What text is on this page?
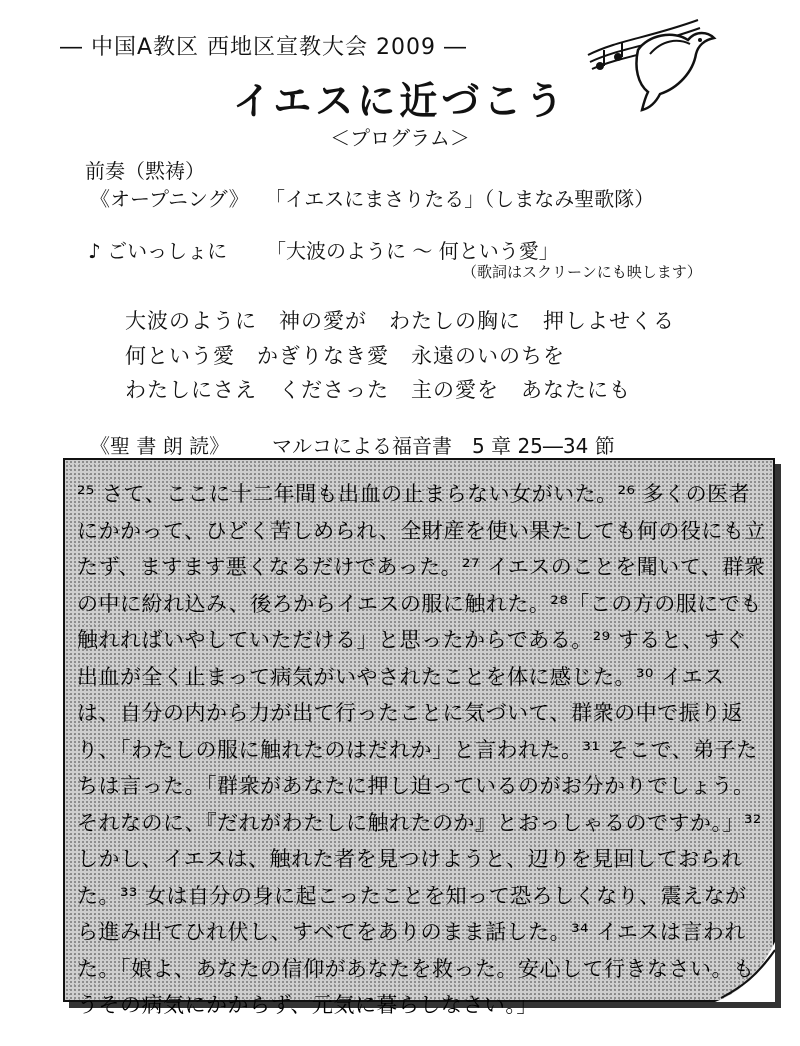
― 中国A教区 西地区宣教大会 2009 ―
イエスに近づこう
＜プログラム＞
前奏（黙祷）
《オープニング》 「イエスにまさりたる」（しまなみ聖歌隊）
♪ ごいっしょに 「大波のように ～ 何という愛」
（歌詞はスクリーンにも映します）
大波のように　神の愛が　わたしの胸に　押しよせくる
何という愛　かぎりなき愛　永遠のいのちを
わたしにさえ　くださった　主の愛を　あなたにも
《聖 書 朗 読》 マルコによる福音書　5 章 25―34 節
²⁵ さて、ここに十二年間も出血の止まらない女がいた。²⁶ 多くの医者にかかって、ひどく苦しめられ、全財産を使い果たしても何の役にも立たず、ますます悪くなるだけであった。²⁷ イエスのことを聞いて、群衆の中に紛れ込み、後ろからイエスの服に触れた。²⁸「この方の服にでも触れればいやしていただける」と思ったからである。²⁹ すると、すぐ出血が全く止まって病気がいやされたことを体に感じた。³⁰ イエスは、自分の内から力が出て行ったことに気づいて、群衆の中で振り返り、「わたしの服に触れたのはだれか」と言われた。³¹ そこで、弟子たちは言った。「群衆があなたに押し迫っているのがお分かりでしょう。それなのに、『だれがわたしに触れたのか』とおっしゃるのですか。」³² しかし、イエスは、触れた者を見つけようと、辺りを見回しておられた。³³ 女は自分の身に起こったことを知って恐ろしくなり、震えながら進み出てひれ伏し、すべてをありのまま話した。³⁴ イエスは言われた。「娘よ、あなたの信仰があなたを救った。安心して行きなさい。もうその病気にかからず、元気に暮らしなさい。」
